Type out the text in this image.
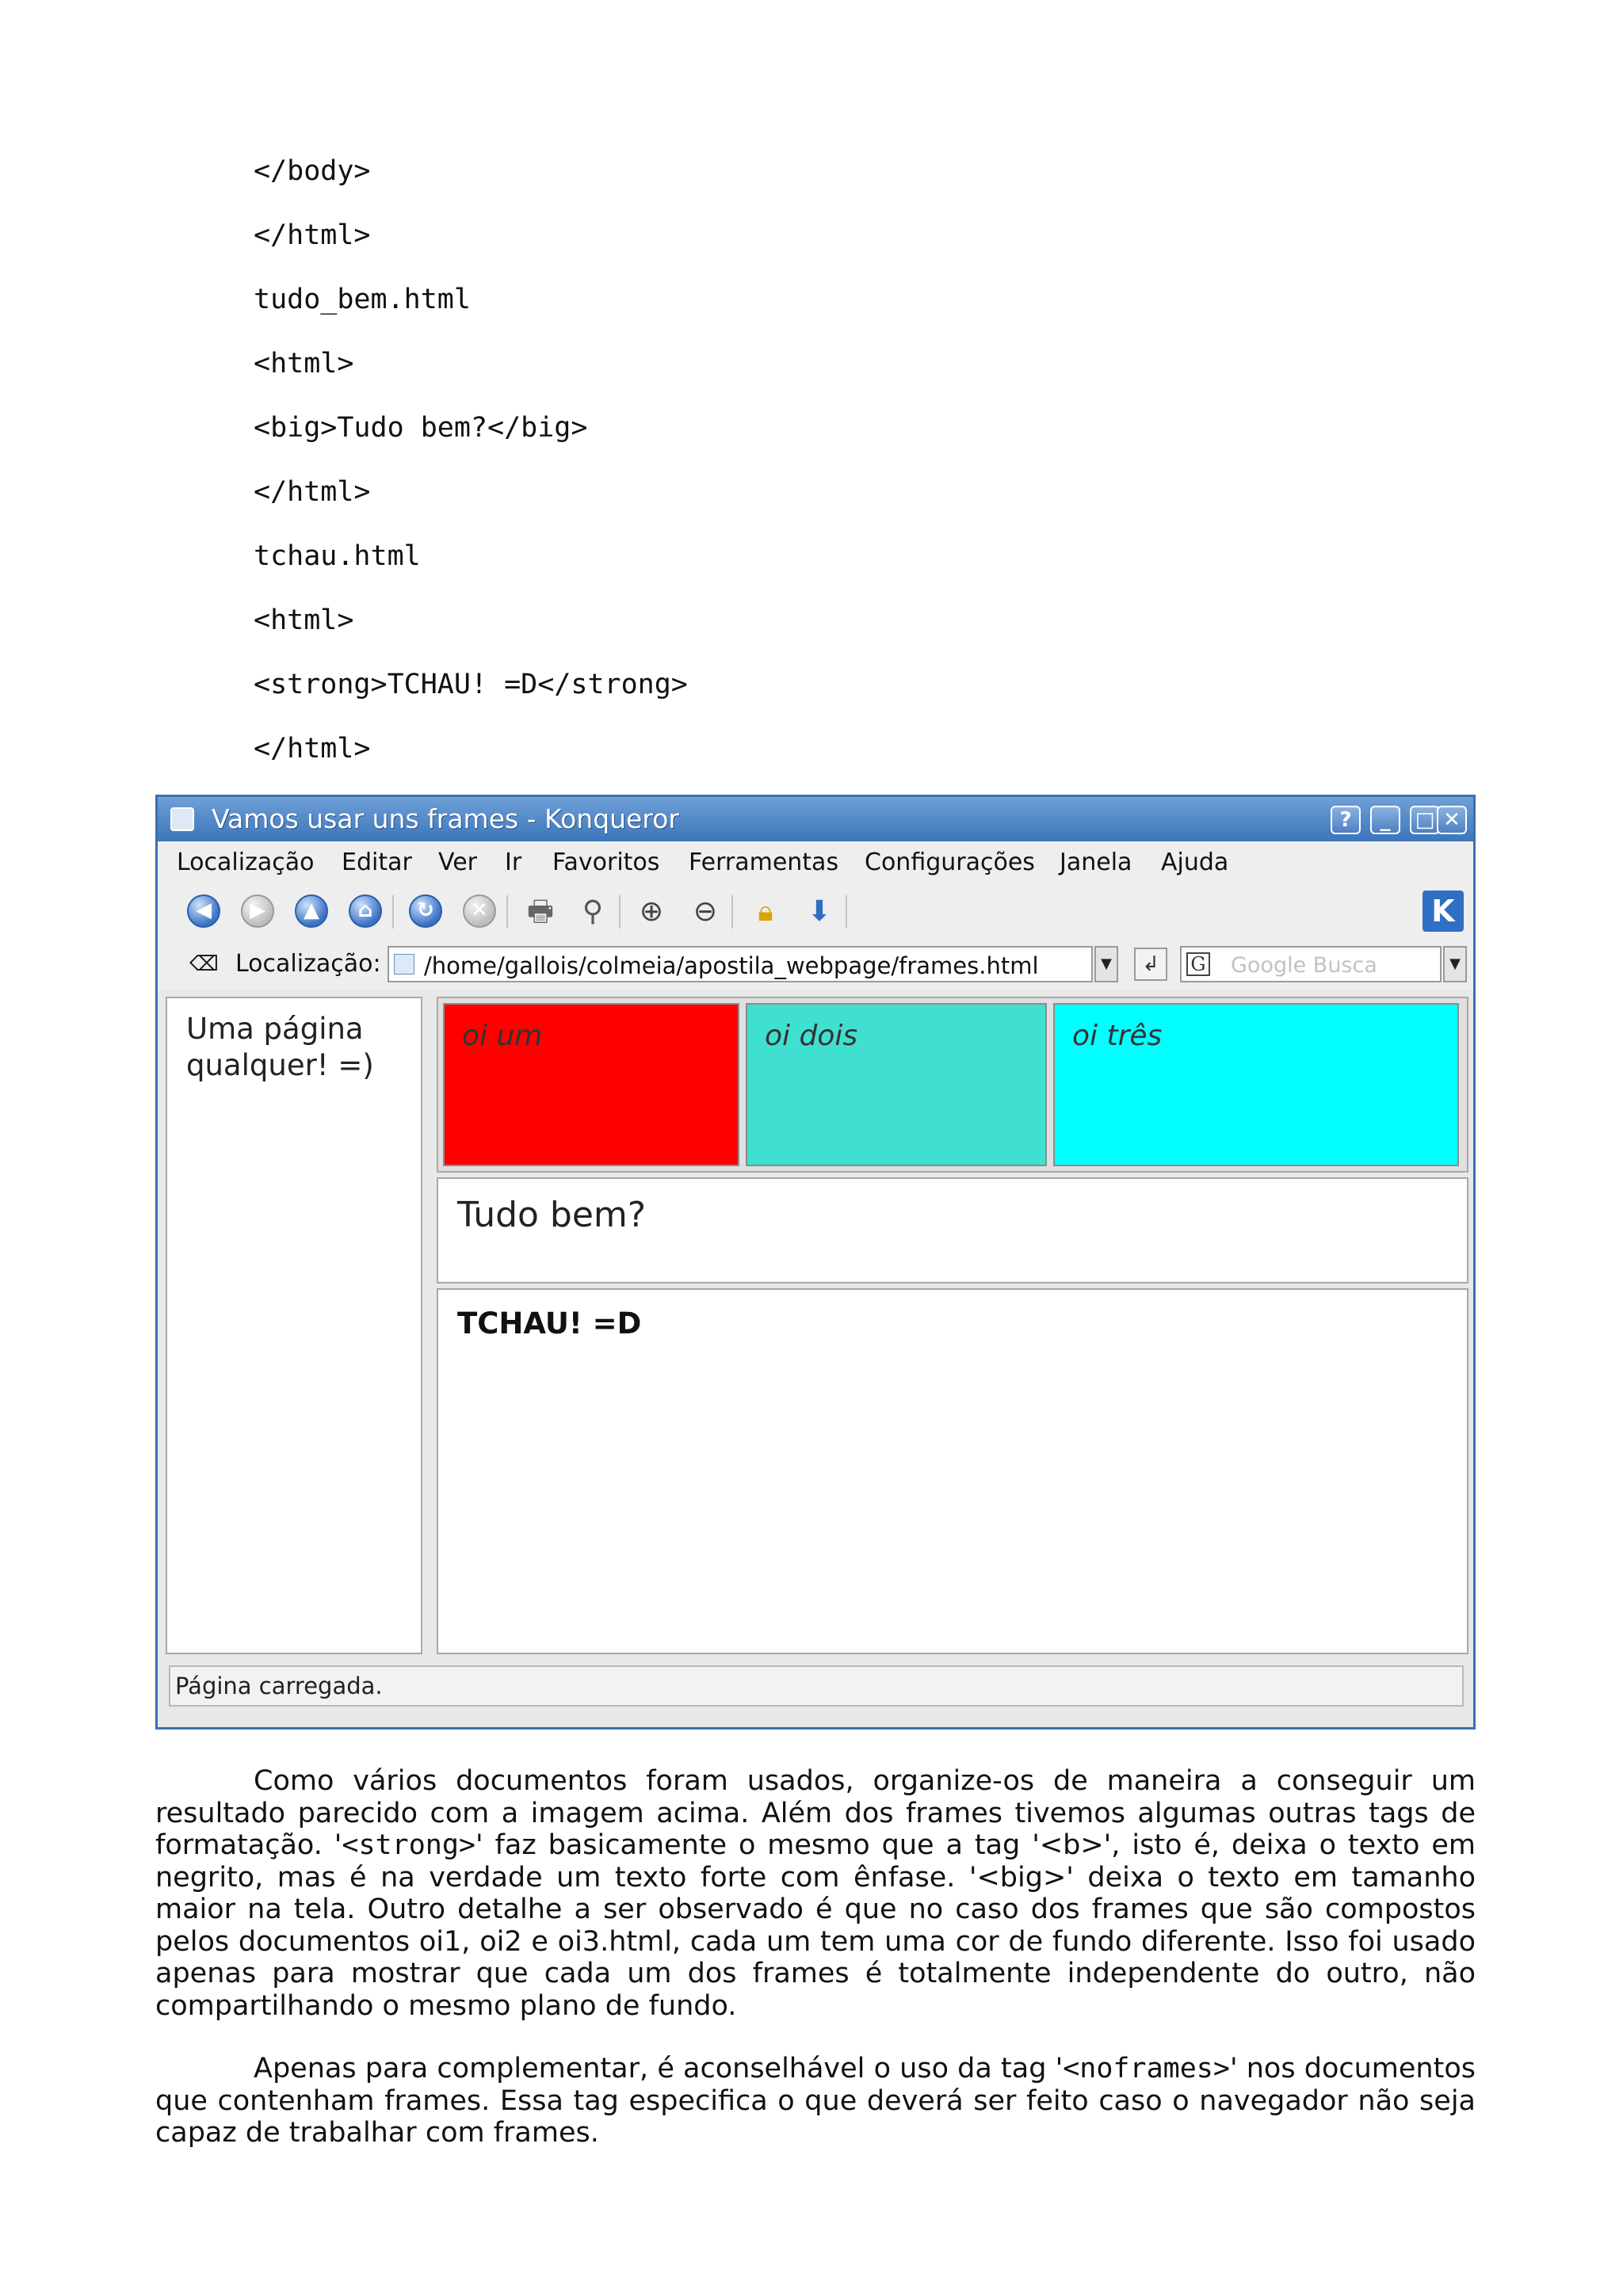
</body>
</html>
tudo_bem.html
<html>
<big>Tudo bem?</big>
</html>
tchau.html
<html>
<strong>TCHAU! =D</strong>
</html>
Vamos usar uns frames - Konqueror	?	_	□ ✕
Localização Editar Ver Ir Favoritos Ferramentas Configurações Janela Ajuda
◀	▶	▲	⌂	↻	✕ 🖶 ⚲	⊕ ⊖	🔒︎	⬇	K
⌫ Localização: /home/gallois/colmeia/apostila_webpage/frames.html	▼	↲	G Google Busca	▼
Uma página qualquer! =)
oi um	oi dois	oi três
Tudo bem?
TCHAU! =D
Página carregada.
Como vários documentos foram usados, organize-os de maneira a conseguir um resultado parecido com a imagem acima. Além dos frames tivemos algumas outras tags de formatação. '<strong>' faz basicamente o mesmo que a tag '<b>', isto é, deixa o texto em negrito, mas é na verdade um texto forte com ênfase. '<big>' deixa o texto em tamanho maior na tela. Outro detalhe a ser observado é que no caso dos frames que são compostos pelos documentos oi1, oi2 e oi3.html, cada um tem uma cor de fundo diferente. Isso foi usado apenas para mostrar que cada um dos frames é totalmente independente do outro, não compartilhando o mesmo plano de fundo.
Apenas para complementar, é aconselhável o uso da tag '<noframes>' nos documentos que contenham frames. Essa tag especifica o que deverá ser feito caso o navegador não seja capaz de trabalhar com frames.
